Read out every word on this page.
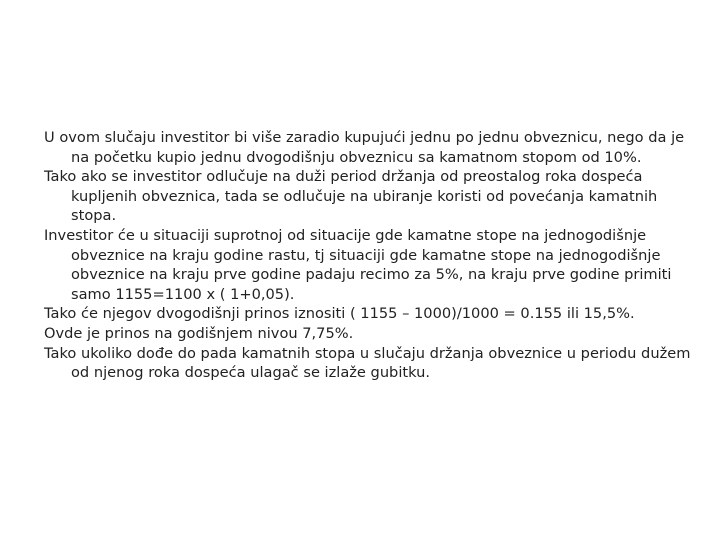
U ovom slučaju investitor bi više zaradio kupujući jednu po jednu obveznicu, nego da je na početku kupio jednu dvogodišnju obveznicu sa kamatnom stopom od 10%.

Tako ako se investitor odlučuje na duži period držanja od preostalog roka dospeća kupljenih obveznica, tada se odlučuje na ubiranje koristi od povećanja kamatnih stopa.

Investitor će u situaciji suprotnoj od situacije gde kamatne stope na jednogodišnje obveznice na kraju godine rastu, tj situaciji gde kamatne stope na jednogodišnje obveznice na kraju prve godine padaju recimo za 5%, na kraju prve godine primiti samo 1155=1100 x ( 1+0,05).

Tako će njegov dvogodišnji prinos iznositi ( 1155 – 1000)/1000 = 0.155 ili 15,5%.

Ovde je prinos na godišnjem nivou 7,75%.

Tako ukoliko dođe do pada kamatnih stopa u slučaju držanja obveznice u periodu dužem od njenog roka dospeća ulagač se izlaže gubitku.
